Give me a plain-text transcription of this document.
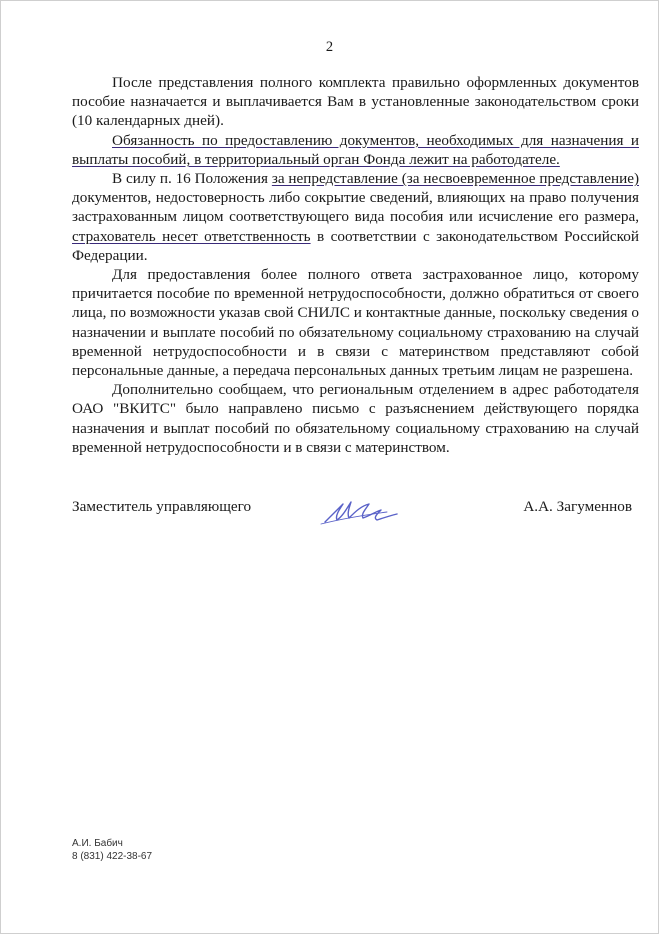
2

После представления полного комплекта правильно оформленных документов пособие назначается и выплачивается Вам в установленные законодательством сроки (10 календарных дней).

Обязанность по предоставлению документов, необходимых для назначения и выплаты пособий, в территориальный орган Фонда лежит на работодателе.

В силу п. 16 Положения за непредставление (за несвоевременное представление) документов, недостоверность либо сокрытие сведений, влияющих на право получения застрахованным лицом соответствующего вида пособия или исчисление его размера, страхователь несет ответственность в соответствии с законодательством Российской Федерации.

Для предоставления более полного ответа застрахованное лицо, которому причитается пособие по временной нетрудоспособности, должно обратиться от своего лица, по возможности указав свой СНИЛС и контактные данные, поскольку сведения о назначении и выплате пособий по обязательному социальному страхованию на случай временной нетрудоспособности и в связи с материнством представляют собой персональные данные, а передача персональных данных третьим лицам не разрешена.

Дополнительно сообщаем, что региональным отделением в адрес работодателя ОАО "ВКИТС" было направлено письмо с разъяснением действующего порядка назначения и выплат пособий по обязательному социальному страхованию на случай временной нетрудоспособности и в связи с материнством.

Заместитель управляющего	А.А. Загуменнов
А.И. Бабич
8 (831) 422-38-67
